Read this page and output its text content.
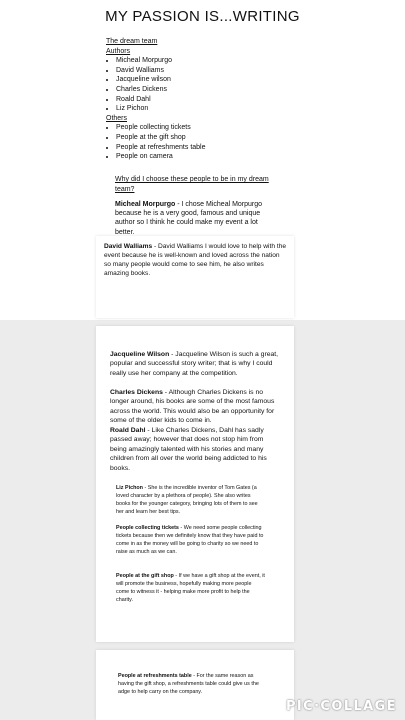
MY PASSION IS...WRITING
The dream team
Authors
• Micheal Morpurgo
• David Walliams
• Jacqueline wilson
• Charles Dickens
• Roald Dahl
• Liz Pichon
Others
• People collecting tickets
• People at the gift shop
• People at refreshments table
• People on camera

Why did I choose these people to be in my dream team?

Micheal Morpurgo - I chose Micheal Morpurgo because he is a very good, famous and unique author so I think he could make my event a lot better.

David Walliams - David Walliams I would love to help with the event because he is well-known and loved across the nation so many people would come to see him, he also writes amazing books.

Jacqueline Wilson - Jacqueline Wilson is such a great, popular and successful story writer; that is why I could really use her company at the competition.

Charles Dickens - Although Charles Dickens is no longer around, his books are some of the most famous across the world. This would also be an opportunity for some of the older kids to come in.

Roald Dahl - Like Charles Dickens, Dahl has sadly passed away; however that does not stop him from being amazingly talented with his stories and many children from all over the world being addicted to his books.

Liz Pichon - She is the incredible inventor of Tom Gates (a loved character by a plethora of people). She also writes books for the younger category, bringing lots of them to see her and learn her best tips.

People collecting tickets - We need some people collecting tickets because then we definitely know that they have paid to come in as the money will be going to charity so we need to raise as much as we can.

People at the gift shop - If we have a gift shop at the event, it will promote the business, hopefully making more people come to witness it - helping make more profit to help the charity.

People at refreshments table - For the same reason as having the gift shop, a refreshments table could give us the adge to help carry on the company.

PIC·COLLAGE
